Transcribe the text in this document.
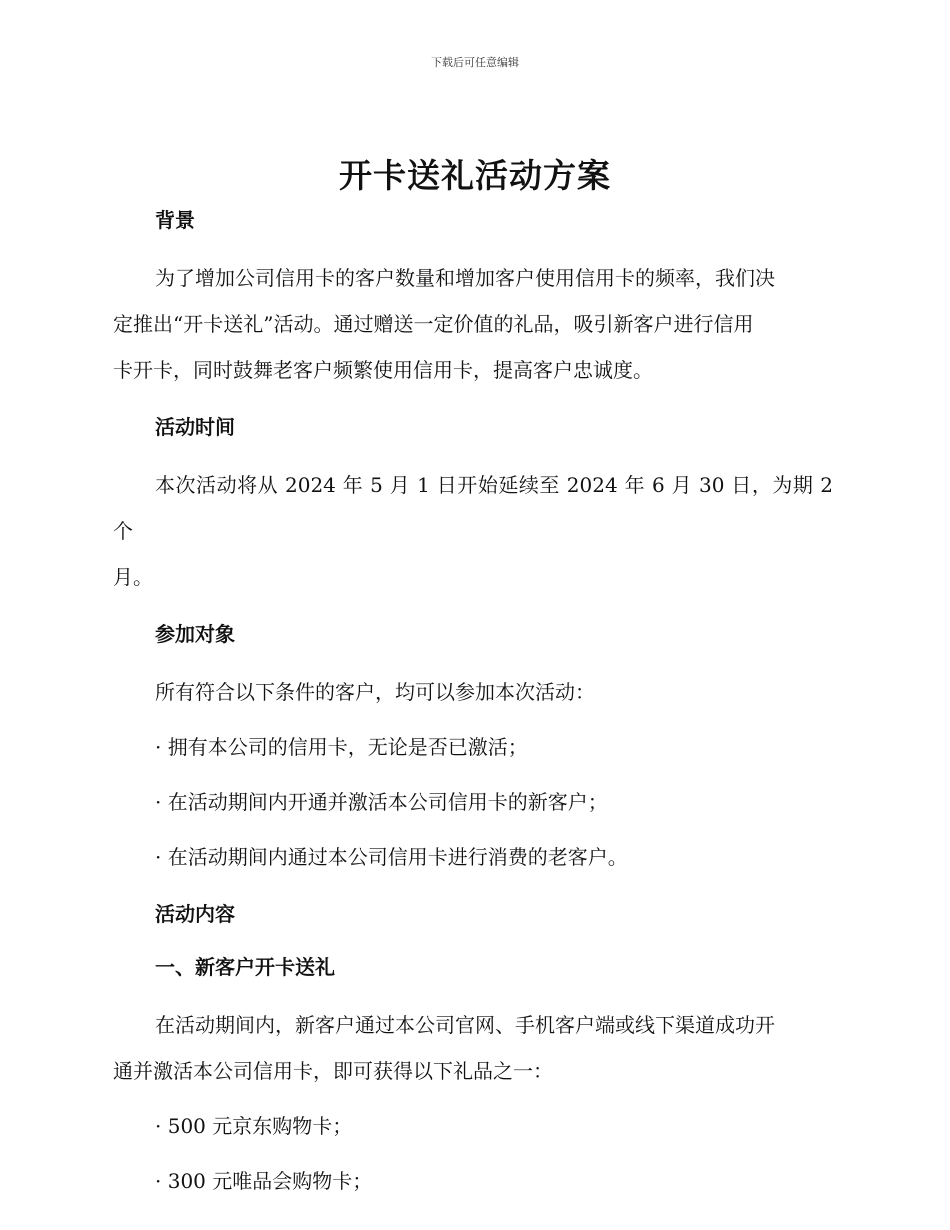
下载后可任意编辑
开卡送礼活动方案
背景
为了增加公司信用卡的客户数量和增加客户使用信用卡的频率，我们决
定推出“开卡送礼”活动。通过赠送一定价值的礼品，吸引新客户进行信用
卡开卡，同时鼓舞老客户频繁使用信用卡，提高客户忠诚度。
活动时间
本次活动将从 2024 年 5 月 1 日开始延续至 2024 年 6 月 30 日，为期 2 个
月。
参加对象
所有符合以下条件的客户，均可以参加本次活动：
· 拥有本公司的信用卡，无论是否已激活；
· 在活动期间内开通并激活本公司信用卡的新客户；
· 在活动期间内通过本公司信用卡进行消费的老客户。
活动内容
一、新客户开卡送礼
在活动期间内，新客户通过本公司官网、手机客户端或线下渠道成功开
通并激活本公司信用卡，即可获得以下礼品之一：
· 500 元京东购物卡；
· 300 元唯品会购物卡；
